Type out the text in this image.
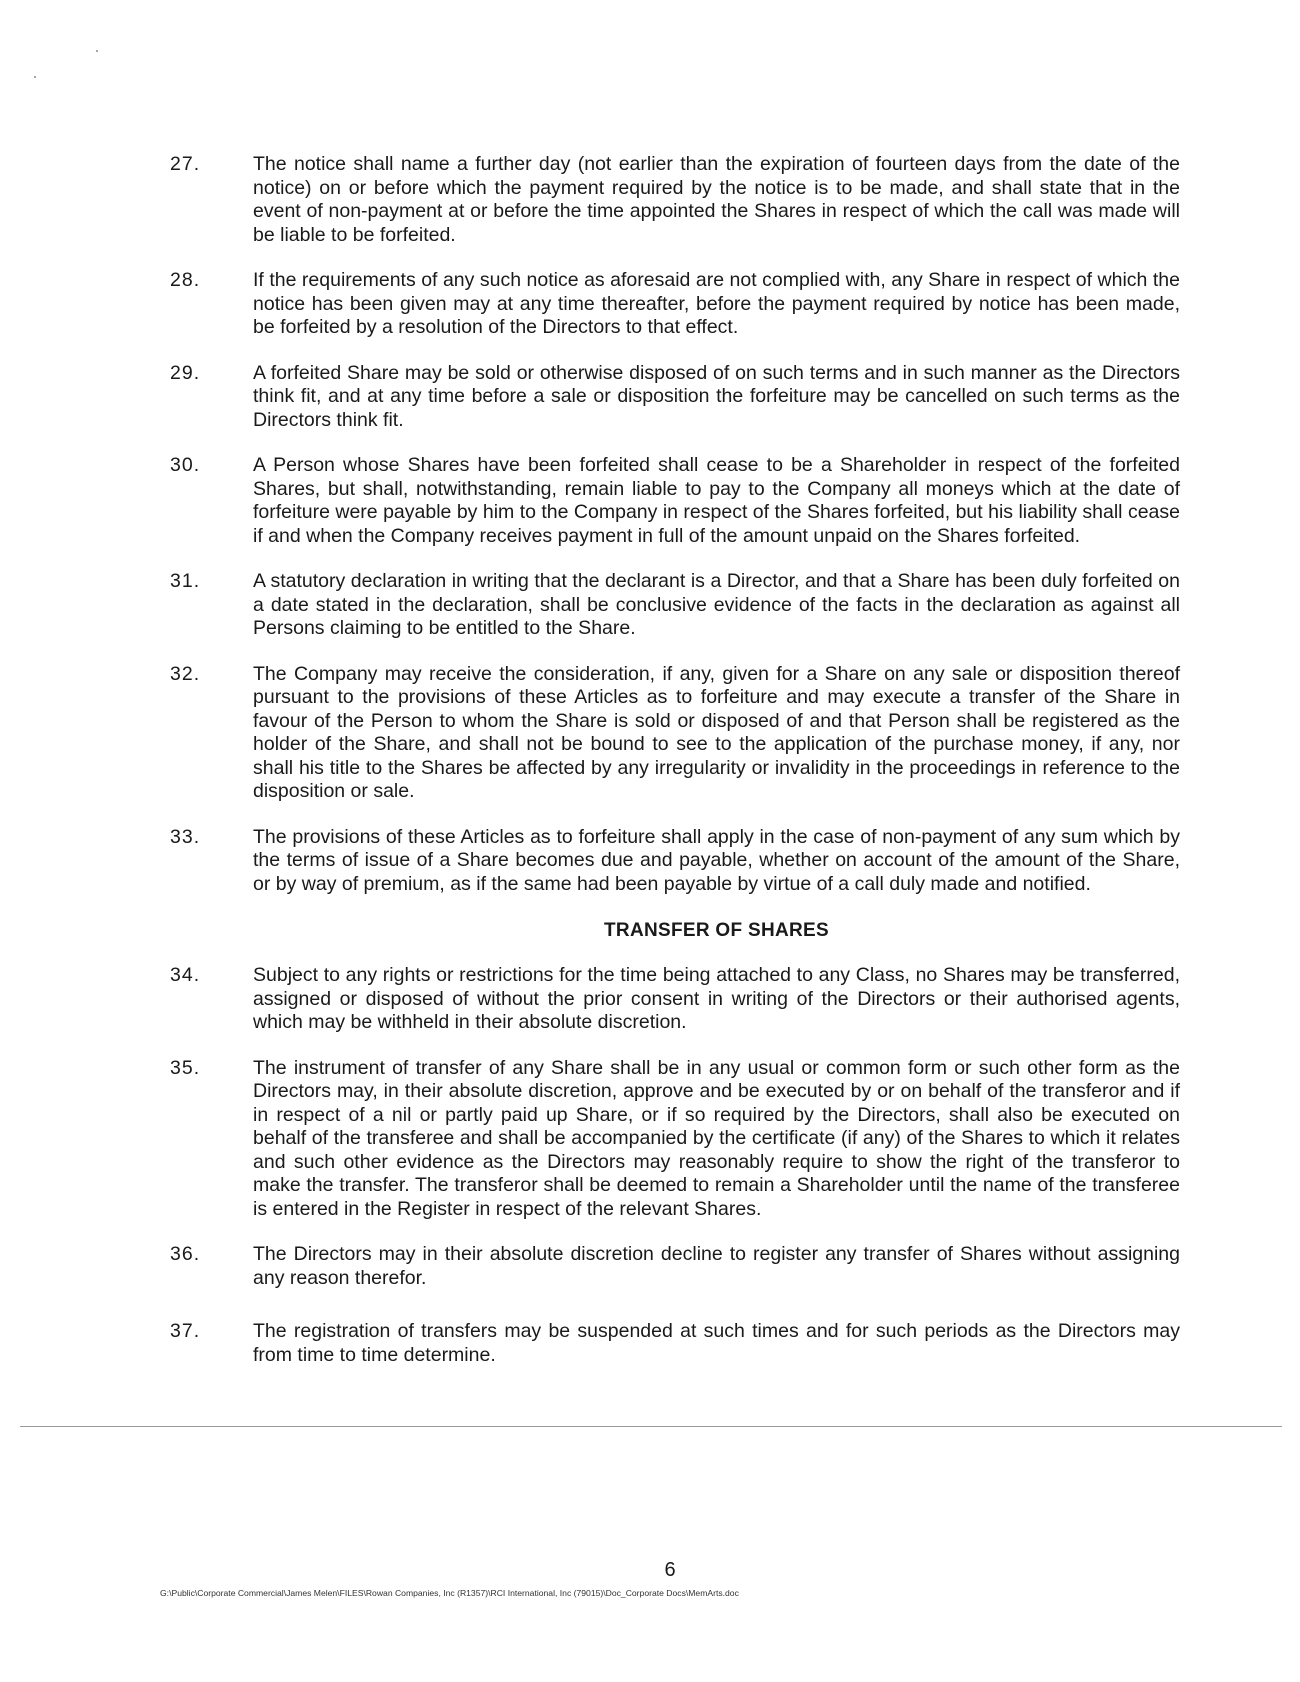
27.	The notice shall name a further day (not earlier than the expiration of fourteen days from the date of the notice) on or before which the payment required by the notice is to be made, and shall state that in the event of non-payment at or before the time appointed the Shares in respect of which the call was made will be liable to be forfeited.
28.	If the requirements of any such notice as aforesaid are not complied with, any Share in respect of which the notice has been given may at any time thereafter, before the payment required by notice has been made, be forfeited by a resolution of the Directors to that effect.
29.	A forfeited Share may be sold or otherwise disposed of on such terms and in such manner as the Directors think fit, and at any time before a sale or disposition the forfeiture may be cancelled on such terms as the Directors think fit.
30.	A Person whose Shares have been forfeited shall cease to be a Shareholder in respect of the forfeited Shares, but shall, notwithstanding, remain liable to pay to the Company all moneys which at the date of forfeiture were payable by him to the Company in respect of the Shares forfeited, but his liability shall cease if and when the Company receives payment in full of the amount unpaid on the Shares forfeited.
31.	A statutory declaration in writing that the declarant is a Director, and that a Share has been duly forfeited on a date stated in the declaration, shall be conclusive evidence of the facts in the declaration as against all Persons claiming to be entitled to the Share.
32.	The Company may receive the consideration, if any, given for a Share on any sale or disposition thereof pursuant to the provisions of these Articles as to forfeiture and may execute a transfer of the Share in favour of the Person to whom the Share is sold or disposed of and that Person shall be registered as the holder of the Share, and shall not be bound to see to the application of the purchase money, if any, nor shall his title to the Shares be affected by any irregularity or invalidity in the proceedings in reference to the disposition or sale.
33.	The provisions of these Articles as to forfeiture shall apply in the case of non-payment of any sum which by the terms of issue of a Share becomes due and payable, whether on account of the amount of the Share, or by way of premium, as if the same had been payable by virtue of a call duly made and notified.
TRANSFER OF SHARES
34.	Subject to any rights or restrictions for the time being attached to any Class, no Shares may be transferred, assigned or disposed of without the prior consent in writing of the Directors or their authorised agents, which may be withheld in their absolute discretion.
35.	The instrument of transfer of any Share shall be in any usual or common form or such other form as the Directors may, in their absolute discretion, approve and be executed by or on behalf of the transferor and if in respect of a nil or partly paid up Share, or if so required by the Directors, shall also be executed on behalf of the transferee and shall be accompanied by the certificate (if any) of the Shares to which it relates and such other evidence as the Directors may reasonably require to show the right of the transferor to make the transfer. The transferor shall be deemed to remain a Shareholder until the name of the transferee is entered in the Register in respect of the relevant Shares.
36.	The Directors may in their absolute discretion decline to register any transfer of Shares without assigning any reason therefor.
37.	The registration of transfers may be suspended at such times and for such periods as the Directors may from time to time determine.
6
G:\Public\Corporate Commercial\James Melen\FILES\Rowan Companies, Inc (R1357)\RCI International, Inc (79015)\Doc_Corporate Docs\MemArts.doc
